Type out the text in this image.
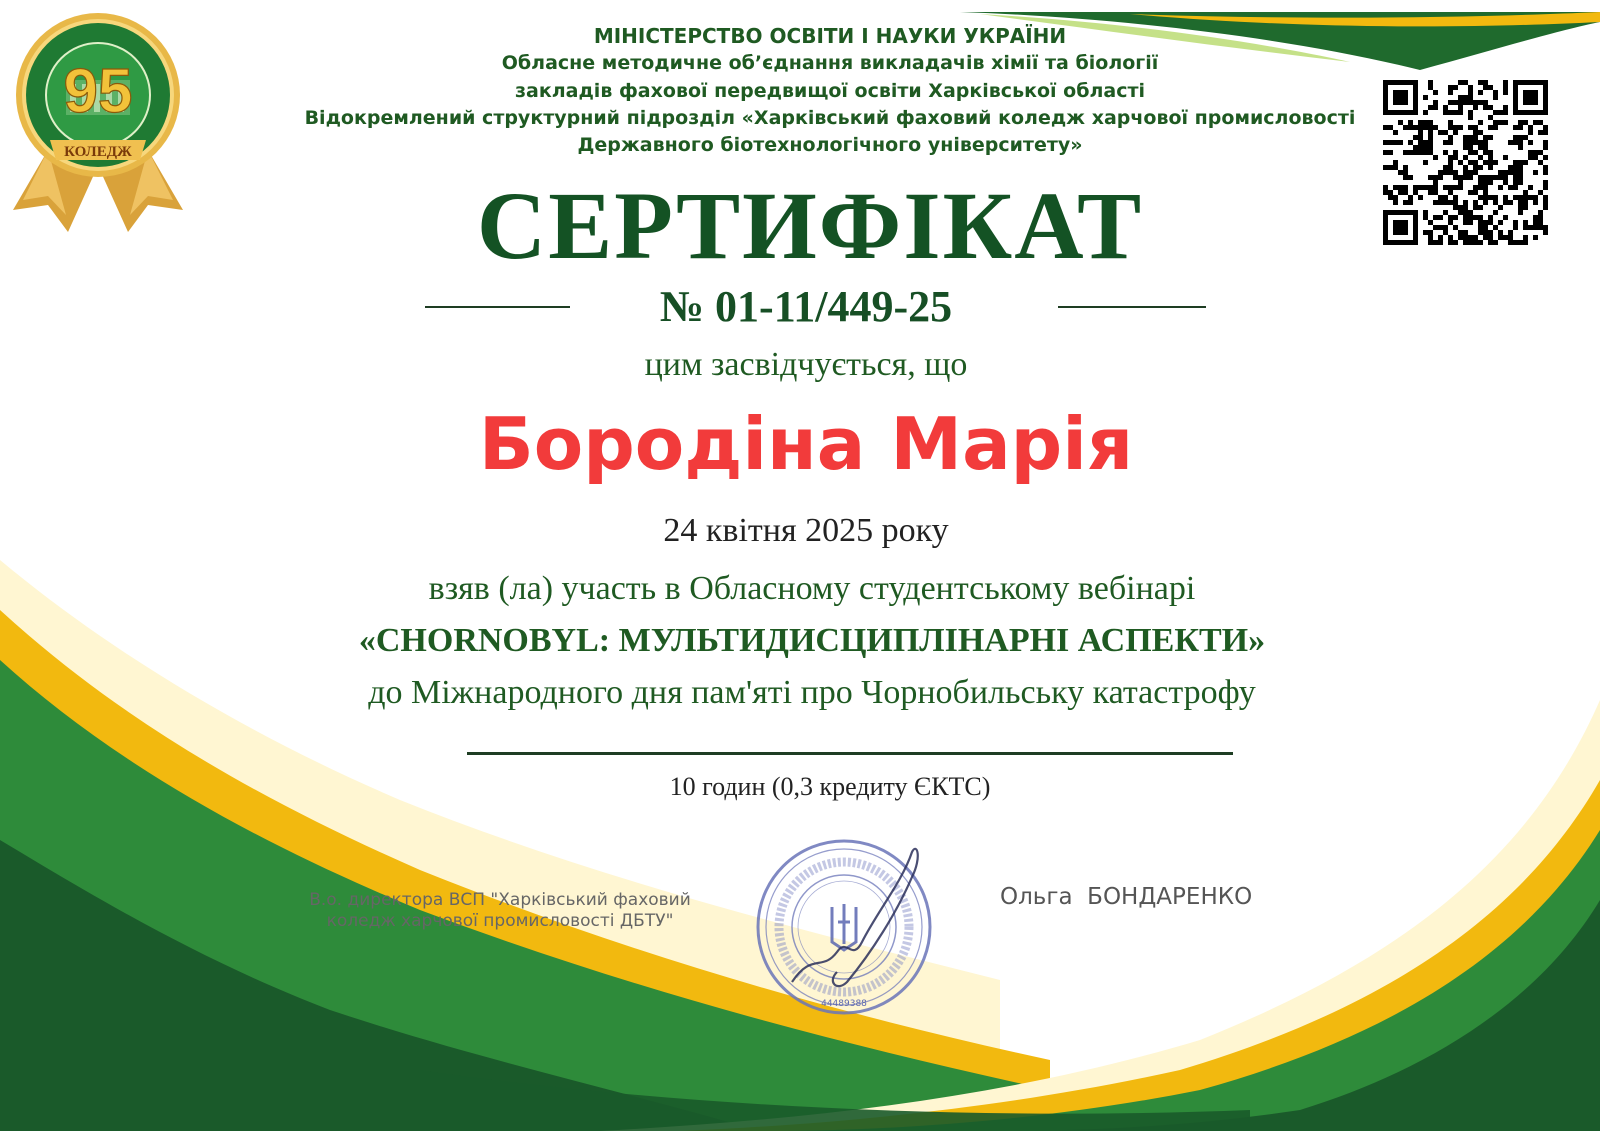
95
КОЛЕДЖ
МІНІСТЕРСТВО ОСВІТИ І НАУКИ УКРАЇНИ
Обласне методичне об’єднання викладачів хімії та біології
закладів фахової передвищої освіти Харківської області
Відокремлений структурний підрозділ «Харківський фаховий коледж харчової промисловості
Державного біотехнологічного університету»
СЕРТИФІКАТ
№ 01-11/449-25
цим засвідчується, що
Бородіна Марія
24 квітня 2025 року
взяв (ла) участь в Обласному студентському вебінарі
«CHORNOBYL: МУЛЬТИДИСЦИПЛІНАРНІ АСПЕКТИ»
до Міжнародного дня пам'яті про Чорнобильську катастрофу
10 годин (0,3 кредиту ЄКТС)
В.о. директора ВСП "Харківський фаховий
коледж харчової промисловості ДБТУ"
44489388
Ольга  БОНДАРЕНКО
